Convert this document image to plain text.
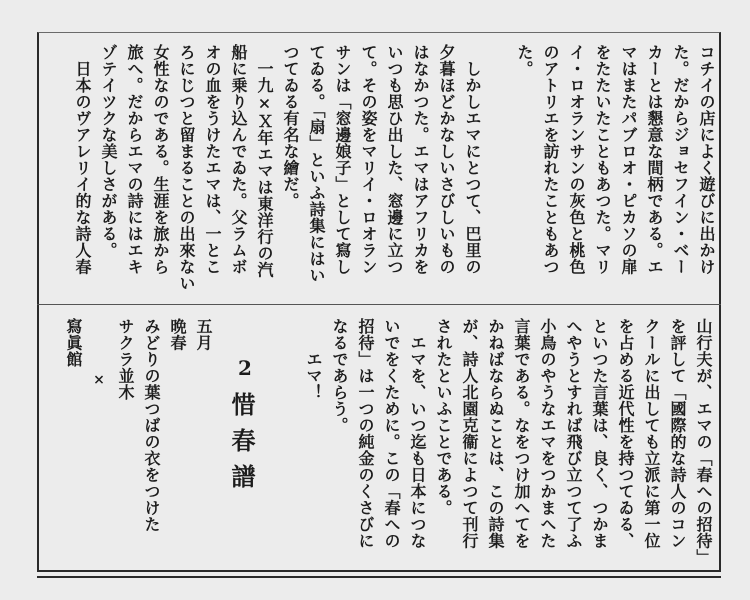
コチイの店によく遊びに出かけ
た。だからジョセフイン・ベー
カーとは懇意な間柄である。エ
マはまたパブロオ・ピカソの扉
をたたいたこともあつた。マリ
イ・ロオランサンの灰色と桃色
のアトリエを訪れたこともあつ
た。
　しかしエマにとつて、巴里の
夕暮ほどかなしいさびしいもの
はなかつた。エマはアフリカを
いつも思ひ出した、窓邊に立つ
て。その姿をマリイ・ロオラン
サンは「窓邊娘子」として寫し
てゐる。「扇」といふ詩集にはい
つてゐる有名な繪だ。
　一九×Ｘ年エマは東洋行の汽
船に乗り込んでゐた。父ラムボ
オの血をうけたエマは、一とこ
ろにじつと留まることの出來ない
女性なのである。生涯を旅から
旅へ。だからエマの詩にはエキ
ゾテイツクな美しさがある。
　日本のヴアレリイ的な詩人春
山行夫が、エマの「春への招待」
を評して「國際的な詩人のコン
クールに出しても立派に第一位
を占める近代性を持つてゐる、
といつた言葉は、良く、つかま
へやうとすれば飛び立つて了ふ
小鳥のやうなエマをつかまへた
言葉である。なをつけ加へてを
かねばならぬことは、この詩集
が、詩人北園克衞によつて刊行
されたといふことである。
　エマを、いつ迄も日本につな
いでをくために。この「春への
招待」は一つの純金のくさびに
なるであらう。
　　エマ！
2
惜春譜
五月
晩春
みどりの葉つばの衣をつけた
サクラ並木
×
寫眞館
